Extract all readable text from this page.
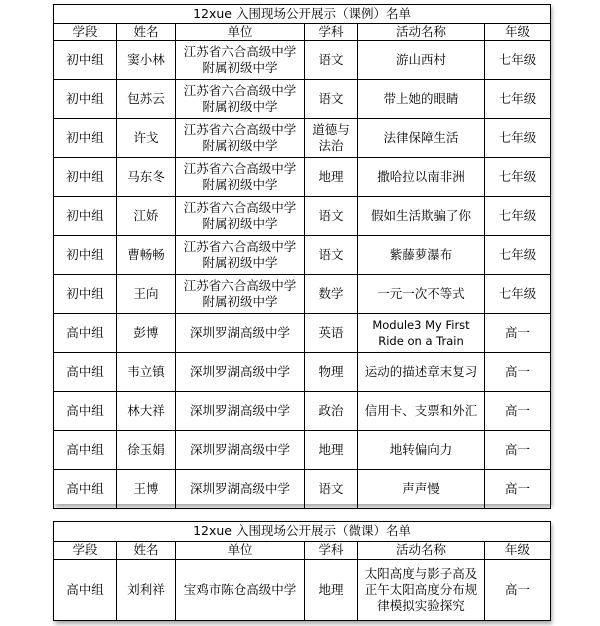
12xue 入围现场公开展示（课例）名单					
学段	姓名	单位	学科	活动名称	年级
初中组	窦小林	江苏省六合高级中学附属初级中学	语文	游山西村	七年级
初中组	包苏云	江苏省六合高级中学附属初级中学	语文	带上她的眼睛	七年级
初中组	许戈	江苏省六合高级中学附属初级中学	道德与法治	法律保障生活	七年级
初中组	马东冬	江苏省六合高级中学附属初级中学	地理	撒哈拉以南非洲	七年级
初中组	江娇	江苏省六合高级中学附属初级中学	语文	假如生活欺骗了你	七年级
初中组	曹畅畅	江苏省六合高级中学附属初级中学	语文	紫藤萝瀑布	七年级
初中组	王向	江苏省六合高级中学附属初级中学	数学	一元一次不等式	七年级
高中组	彭博	深圳罗湖高级中学	英语	Module3 My First Ride on a Train	高一
高中组	韦立镇	深圳罗湖高级中学	物理	运动的描述章末复习	高一
高中组	林大祥	深圳罗湖高级中学	政治	信用卡、支票和外汇	高一
高中组	徐玉娟	深圳罗湖高级中学	地理	地转偏向力	高一
高中组	王博	深圳罗湖高级中学	语文	声声慢	高一
12xue 入围现场公开展示（微课）名单					
学段	姓名	单位	学科	活动名称	年级
高中组	刘利祥	宝鸡市陈仓高级中学	地理	太阳高度与影子高及正午太阳高度分布规律模拟实验探究	高一
